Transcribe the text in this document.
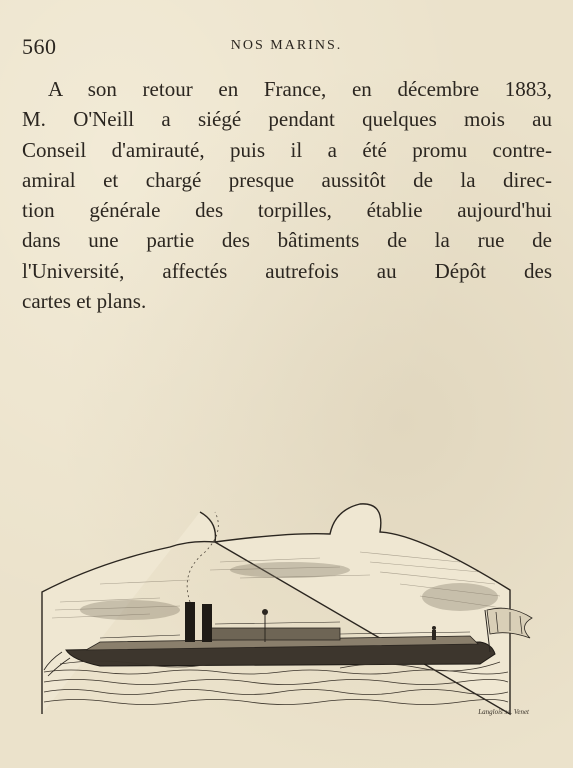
560	NOS MARINS.
A son retour en France, en décembre 1883,
M. O'Neill a siégé pendant quelques mois au
Conseil d'amirauté, puis il a été promu contre-
amiral et chargé presque aussitôt de la direc-
tion générale des torpilles, établie aujourd'hui
dans une partie des bâtiments de la rue de
l'Université, affectés autrefois au Dépôt des
cartes et plans.
Langlois sc. Venet
